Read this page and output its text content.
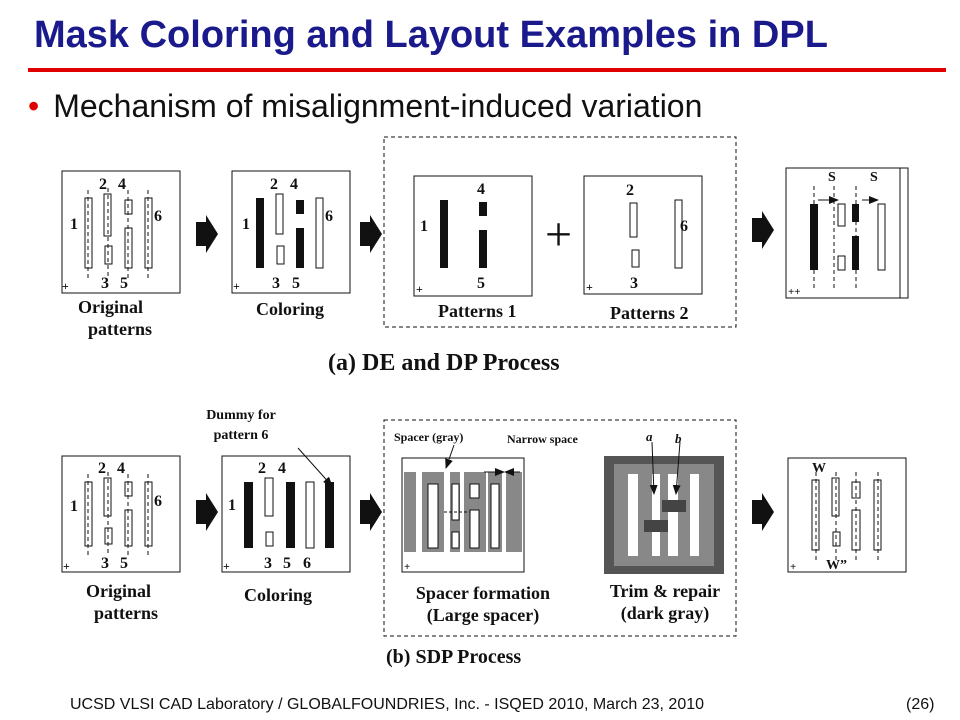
Mask Coloring and Layout Examples in DPL
• Mechanism of misalignment-induced variation
1
2 4
6
3 5
+
1
2 4
6
3 5
+
1
4
5
+
+
2
6
3
+
S S
++
1
2 4
6
3 5
+
1
2 4
3 5 6
+	+
W
W”
+
Original
patterns
Coloring	Patterns 1	Patterns 2
(a) DE and DP Process
Dummy for
pattern 6	Spacer (gray)	Narrow space	a b
Original
patterns
Coloring	Spacer formation
(Large spacer)
Trim & repair
(dark gray)
(b) SDP Process
UCSD VLSI CAD Laboratory / GLOBALFOUNDRIES, Inc. - ISQED 2010, March 23, 2010	(26)
